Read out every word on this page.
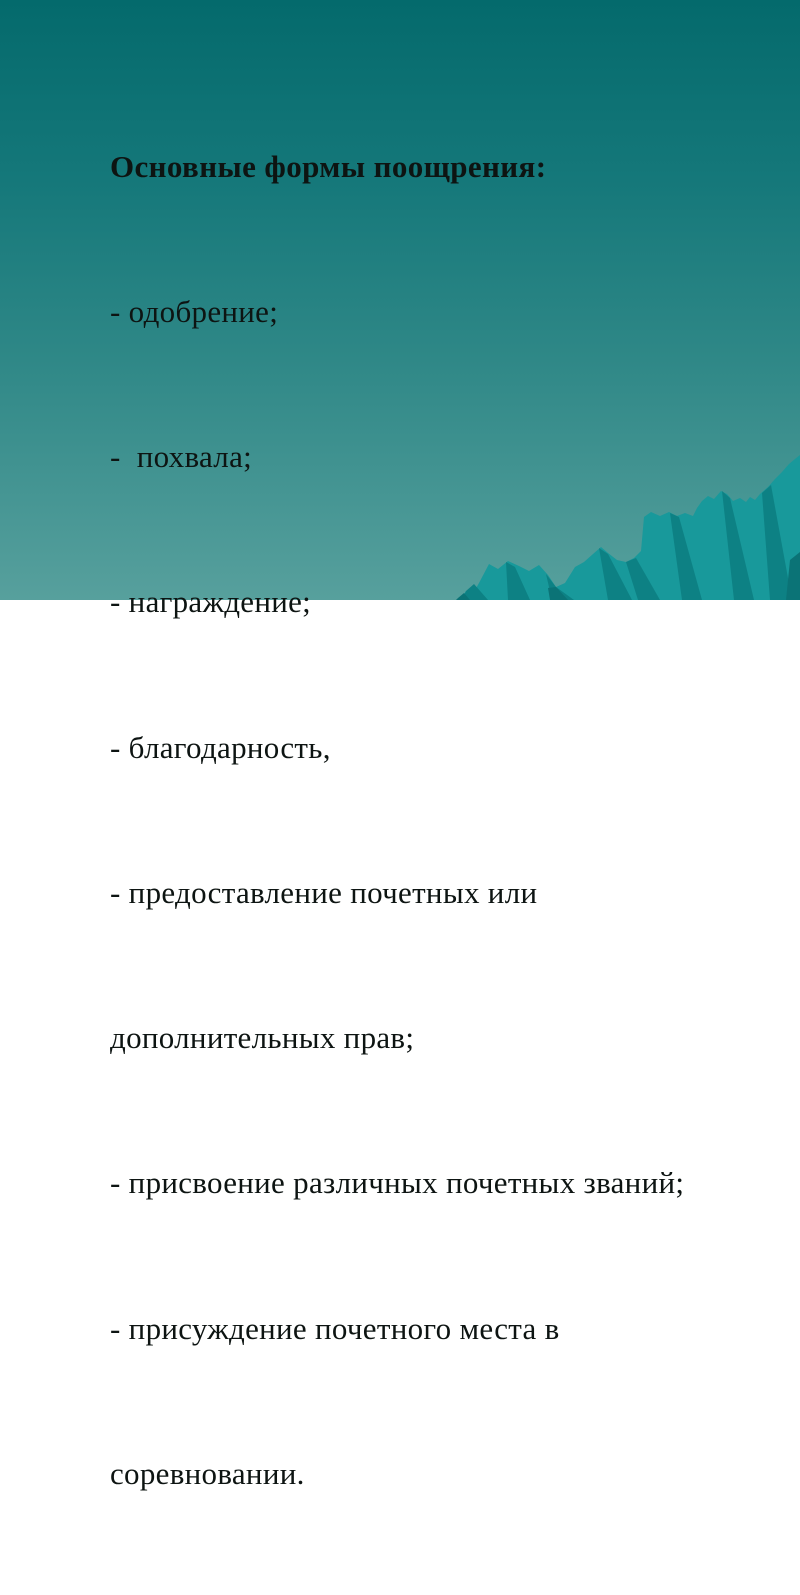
Основные формы поощрения:

- одобрение;

-  похвала;

- награждение;

- благодарность,

- предоставление почетных или

дополнительных прав;

- присвоение различных почетных званий;

- присуждение почетного места в

соревновании.
